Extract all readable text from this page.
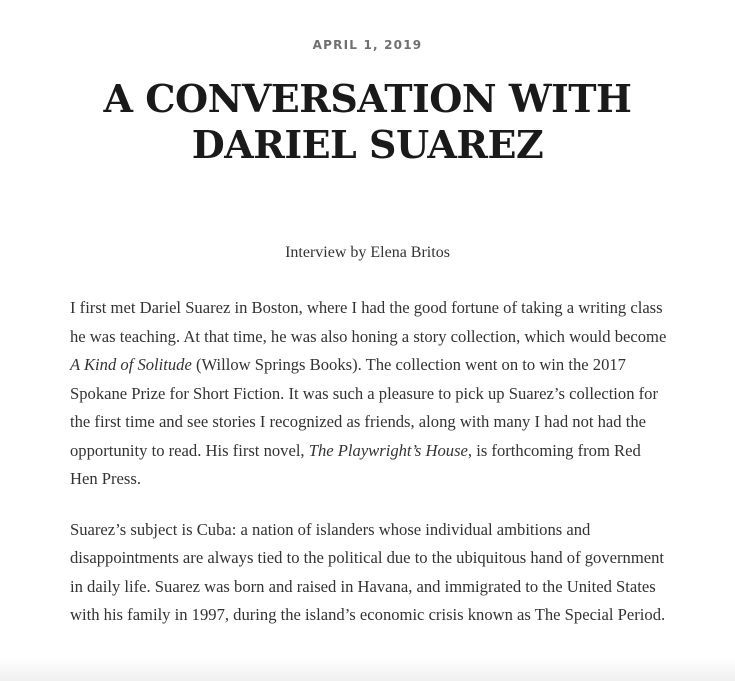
APRIL 1, 2019
A CONVERSATION WITH DARIEL SUAREZ
Interview by Elena Britos

I first met Dariel Suarez in Boston, where I had the good fortune of taking a writing class he was teaching. At that time, he was also honing a story collection, which would become A Kind of Solitude (Willow Springs Books). The collection went on to win the 2017 Spokane Prize for Short Fiction. It was such a pleasure to pick up Suarez’s collection for the first time and see stories I recognized as friends, along with many I had not had the opportunity to read. His first novel, The Playwright’s House, is forthcoming from Red Hen Press.

Suarez’s subject is Cuba: a nation of islanders whose individual ambitions and disappointments are always tied to the political due to the ubiquitous hand of government in daily life. Suarez was born and raised in Havana, and immigrated to the United States with his family in 1997, during the island’s economic crisis known as The Special Period.
